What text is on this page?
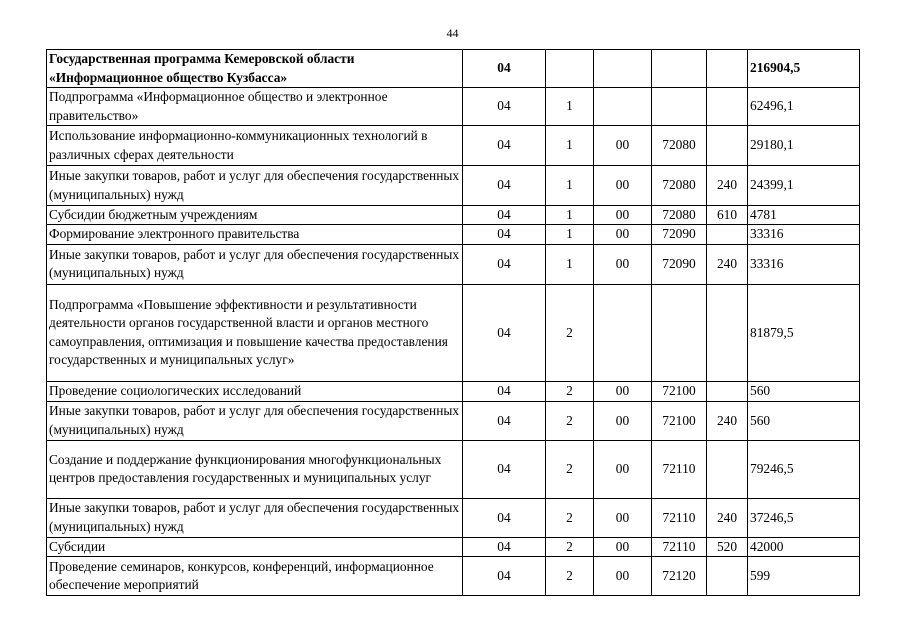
44
Государственная программа Кемеровской области «Информационное общество Кузбасса»	04					216904,5
Подпрограмма «Информационное общество и электронное правительство»	04	1				62496,1
Использование информационно-коммуникационных технологий в различных сферах деятельности	04	1	00	72080		29180,1
Иные закупки товаров, работ и услуг для обеспечения государственных (муниципальных) нужд	04	1	00	72080	240	24399,1
Субсидии бюджетным учреждениям	04	1	00	72080	610	4781
Формирование электронного правительства	04	1	00	72090		33316
Иные закупки товаров, работ и услуг для обеспечения государственных (муниципальных) нужд	04	1	00	72090	240	33316
Подпрограмма «Повышение эффективности и результативности деятельности органов государственной власти и органов местного самоуправления, оптимизация и повышение качества предоставления государственных и муниципальных услуг»	04	2				81879,5
Проведение социологических исследований	04	2	00	72100		560
Иные закупки товаров, работ и услуг для обеспечения государственных (муниципальных) нужд	04	2	00	72100	240	560
Создание и поддержание функционирования многофункциональных центров предоставления государственных и муниципальных услуг	04	2	00	72110		79246,5
Иные закупки товаров, работ и услуг для обеспечения государственных (муниципальных) нужд	04	2	00	72110	240	37246,5
Субсидии	04	2	00	72110	520	42000
Проведение семинаров, конкурсов, конференций, информационное обеспечение мероприятий	04	2	00	72120		599
